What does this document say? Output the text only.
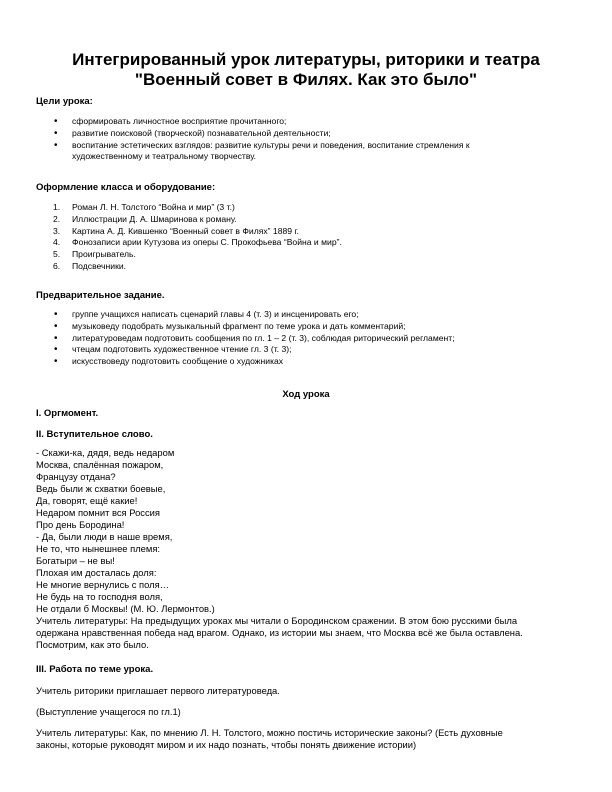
Интегрированный урок литературы, риторики и театра
"Военный совет в Филях. Как это было"

Цели урока:

• сформировать личностное восприятие прочитанного;
• развитие поисковой (творческой) познавательной деятельности;
• воспитание эстетических взглядов: развитие культуры речи и поведения, воспитание стремления к
художественному и театральному творчеству.

Оформление класса и оборудование:

1. Роман Л. Н. Толстого “Война и мир” (3 т.)
2. Иллюстрации Д. А. Шмаринова к роману.
3. Картина А. Д. Кившенко “Военный совет в Филях” 1889 г.
4. Фонозаписи арии Кутузова из оперы С. Прокофьева “Война и мир”.
5. Проигрыватель.
6. Подсвечники.

Предварительное задание.

• группе учащихся написать сценарий главы 4 (т. 3) и инсценировать его;
• музыковеду подобрать музыкальный фрагмент по теме урока и дать комментарий;
• литературоведам подготовить сообщения по гл. 1 – 2 (т. 3), соблюдая риторический регламент;
• чтецам подготовить художественное чтение гл. 3 (т. 3);
• искусствоведу подготовить сообщение о художниках
Ход урока

I. Оргмомент.

II. Вступительное слово.

- Скажи-ка, дядя, ведь недаром
Москва, спалённая пожаром,
Французу отдана?
Ведь были ж схватки боевые,
Да, говорят, ещё какие!
Недаром помнит вся Россия
Про день Бородина!
- Да, были люди в наше время,
Не то, что нынешнее племя:
Богатыри – не вы!
Плохая им досталась доля:
Не многие вернулись с поля…
Не будь на то господня воля,
Не отдали б Москвы! (М. Ю. Лермонтов.)
Учитель литературы: На предыдущих уроках мы читали о Бородинском сражении. В этом бою русскими была
одержана нравственная победа над врагом. Однако, из истории мы знаем, что Москва всё же была оставлена.
Посмотрим, как это было.

III. Работа по теме урока.

Учитель риторики приглашает первого литературоведа.

(Выступление учащегося по гл.1)

Учитель литературы: Как, по мнению Л. Н. Толстого, можно постичь исторические законы? (Есть духовные
законы, которые руководят миром и их надо познать, чтобы понять движение истории)
